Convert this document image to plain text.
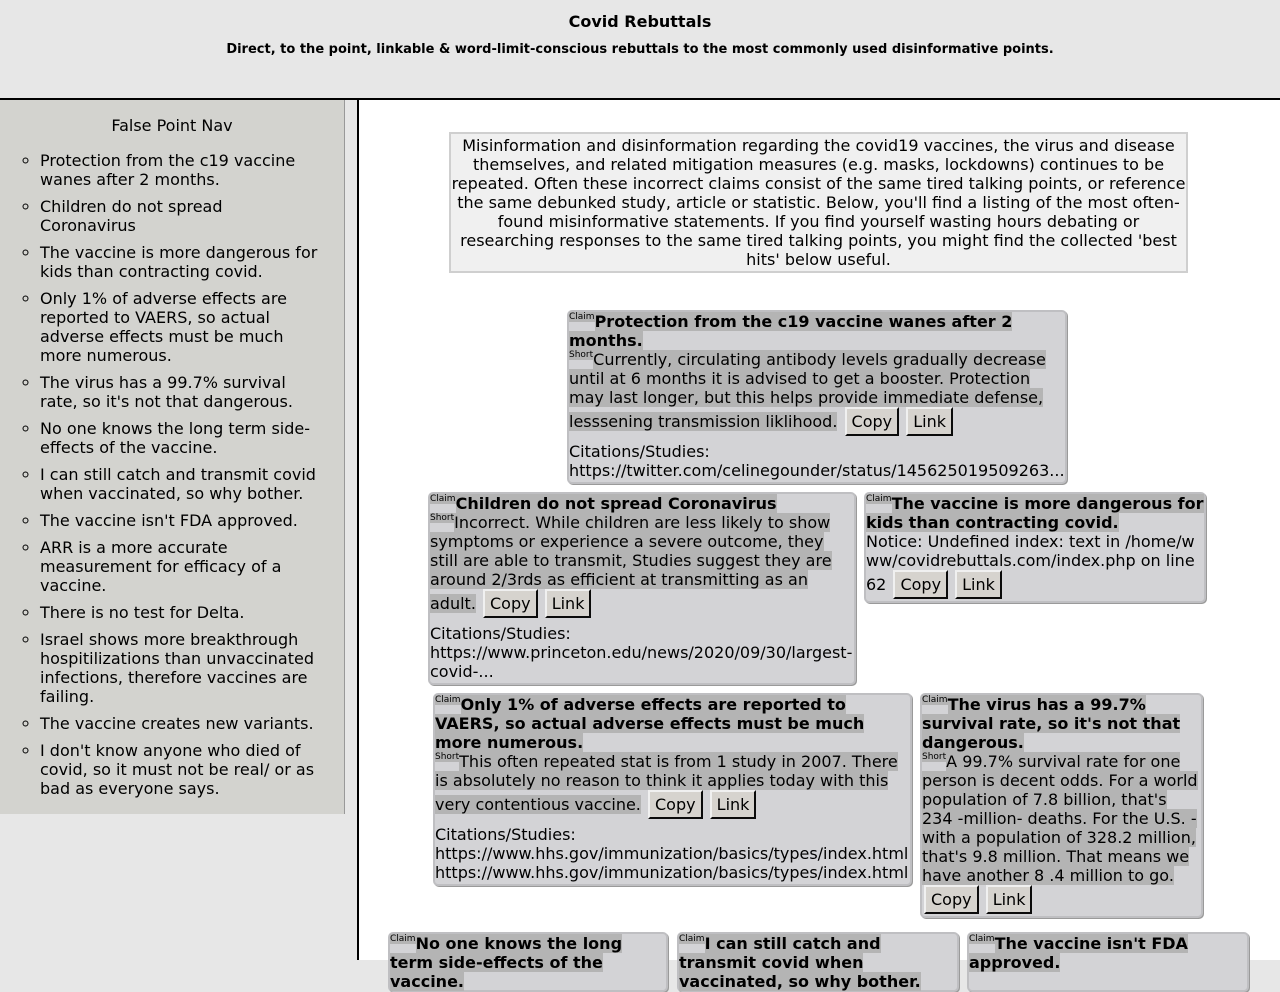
Covid Rebuttals
Direct, to the point, linkable & word-limit-conscious rebuttals to the most commonly used disinformative points.
False Point Nav
◦ Protection from the c19 vaccine wanes after 2 months.
◦ Children do not spread Coronavirus
◦ The vaccine is more dangerous for kids than contracting covid.
◦ Only 1% of adverse effects are reported to VAERS, so actual adverse effects must be much more numerous.
◦ The virus has a 99.7% survival rate, so it's not that dangerous.
◦ No one knows the long term side-effects of the vaccine.
◦ I can still catch and transmit covid when vaccinated, so why bother.
◦ The vaccine isn't FDA approved.
◦ ARR is a more accurate measurement for efficacy of a vaccine.
◦ There is no test for Delta.
◦ Israel shows more breakthrough hospitilizations than unvaccinated infections, therefore vaccines are failing.
◦ The vaccine creates new variants.
◦ I don't know anyone who died of covid, so it must not be real/ or as bad as everyone says.
Misinformation and disinformation regarding the covid19 vaccines, the virus and disease themselves, and related mitigation measures (e.g. masks, lockdowns) continues to be repeated. Often these incorrect claims consist of the same tired talking points, or reference the same debunked study, article or statistic. Below, you'll find a listing of the most often-found misinformative statements. If you find yourself wasting hours debating or researching responses to the same tired talking points, you might find the collected 'best hits' below useful.
$^{Claim}$Protection from the c19 vaccine wanes after 2 months.
$^{Short}$Currently, circulating antibody levels gradually decrease until at 6 months it is advised to get a booster. Protection may last longer, but this helps provide immediate defense, lesssening transmission liklihood. Copy Link
Citations/Studies:
https://twitter.com/celinegounder/status/145625019509263...
$^{Claim}$Children do not spread Coronavirus
$^{Short}$Incorrect. While children are less likely to show symptoms or experience a severe outcome, they still are able to transmit, Studies suggest they are around 2/3rds as efficient at transmitting as an adult. Copy Link
Citations/Studies:
https://www.princeton.edu/news/2020/09/30/largest-covid-...
$^{Claim}$The vaccine is more dangerous for kids than contracting covid.
Notice: Undefined index: text in /home/www/covidrebuttals.com/index.php on line 62 Copy Link
$^{Claim}$Only 1% of adverse effects are reported to VAERS, so actual adverse effects must be much more numerous.
$^{Short}$This often repeated stat is from 1 study in 2007. There is absolutely no reason to think it applies today with this very contentious vaccine. Copy Link
Citations/Studies:
https://www.hhs.gov/immunization/basics/types/index.html
https://www.hhs.gov/immunization/basics/types/index.html
$^{Claim}$The virus has a 99.7% survival rate, so it's not that dangerous.
$^{Short}$A 99.7% survival rate for one person is decent odds. For a world population of 7.8 billion, that's 234 -million- deaths. For the U.S. - with a population of 328.2 million, that's 9.8 million. That means we have another 8 .4 million to go. Copy Link
$^{Claim}$No one knows the long term side-effects of the vaccine.
$^{Claim}$I can still catch and transmit covid when vaccinated, so why bother.
$^{Claim}$The vaccine isn't FDA approved.
